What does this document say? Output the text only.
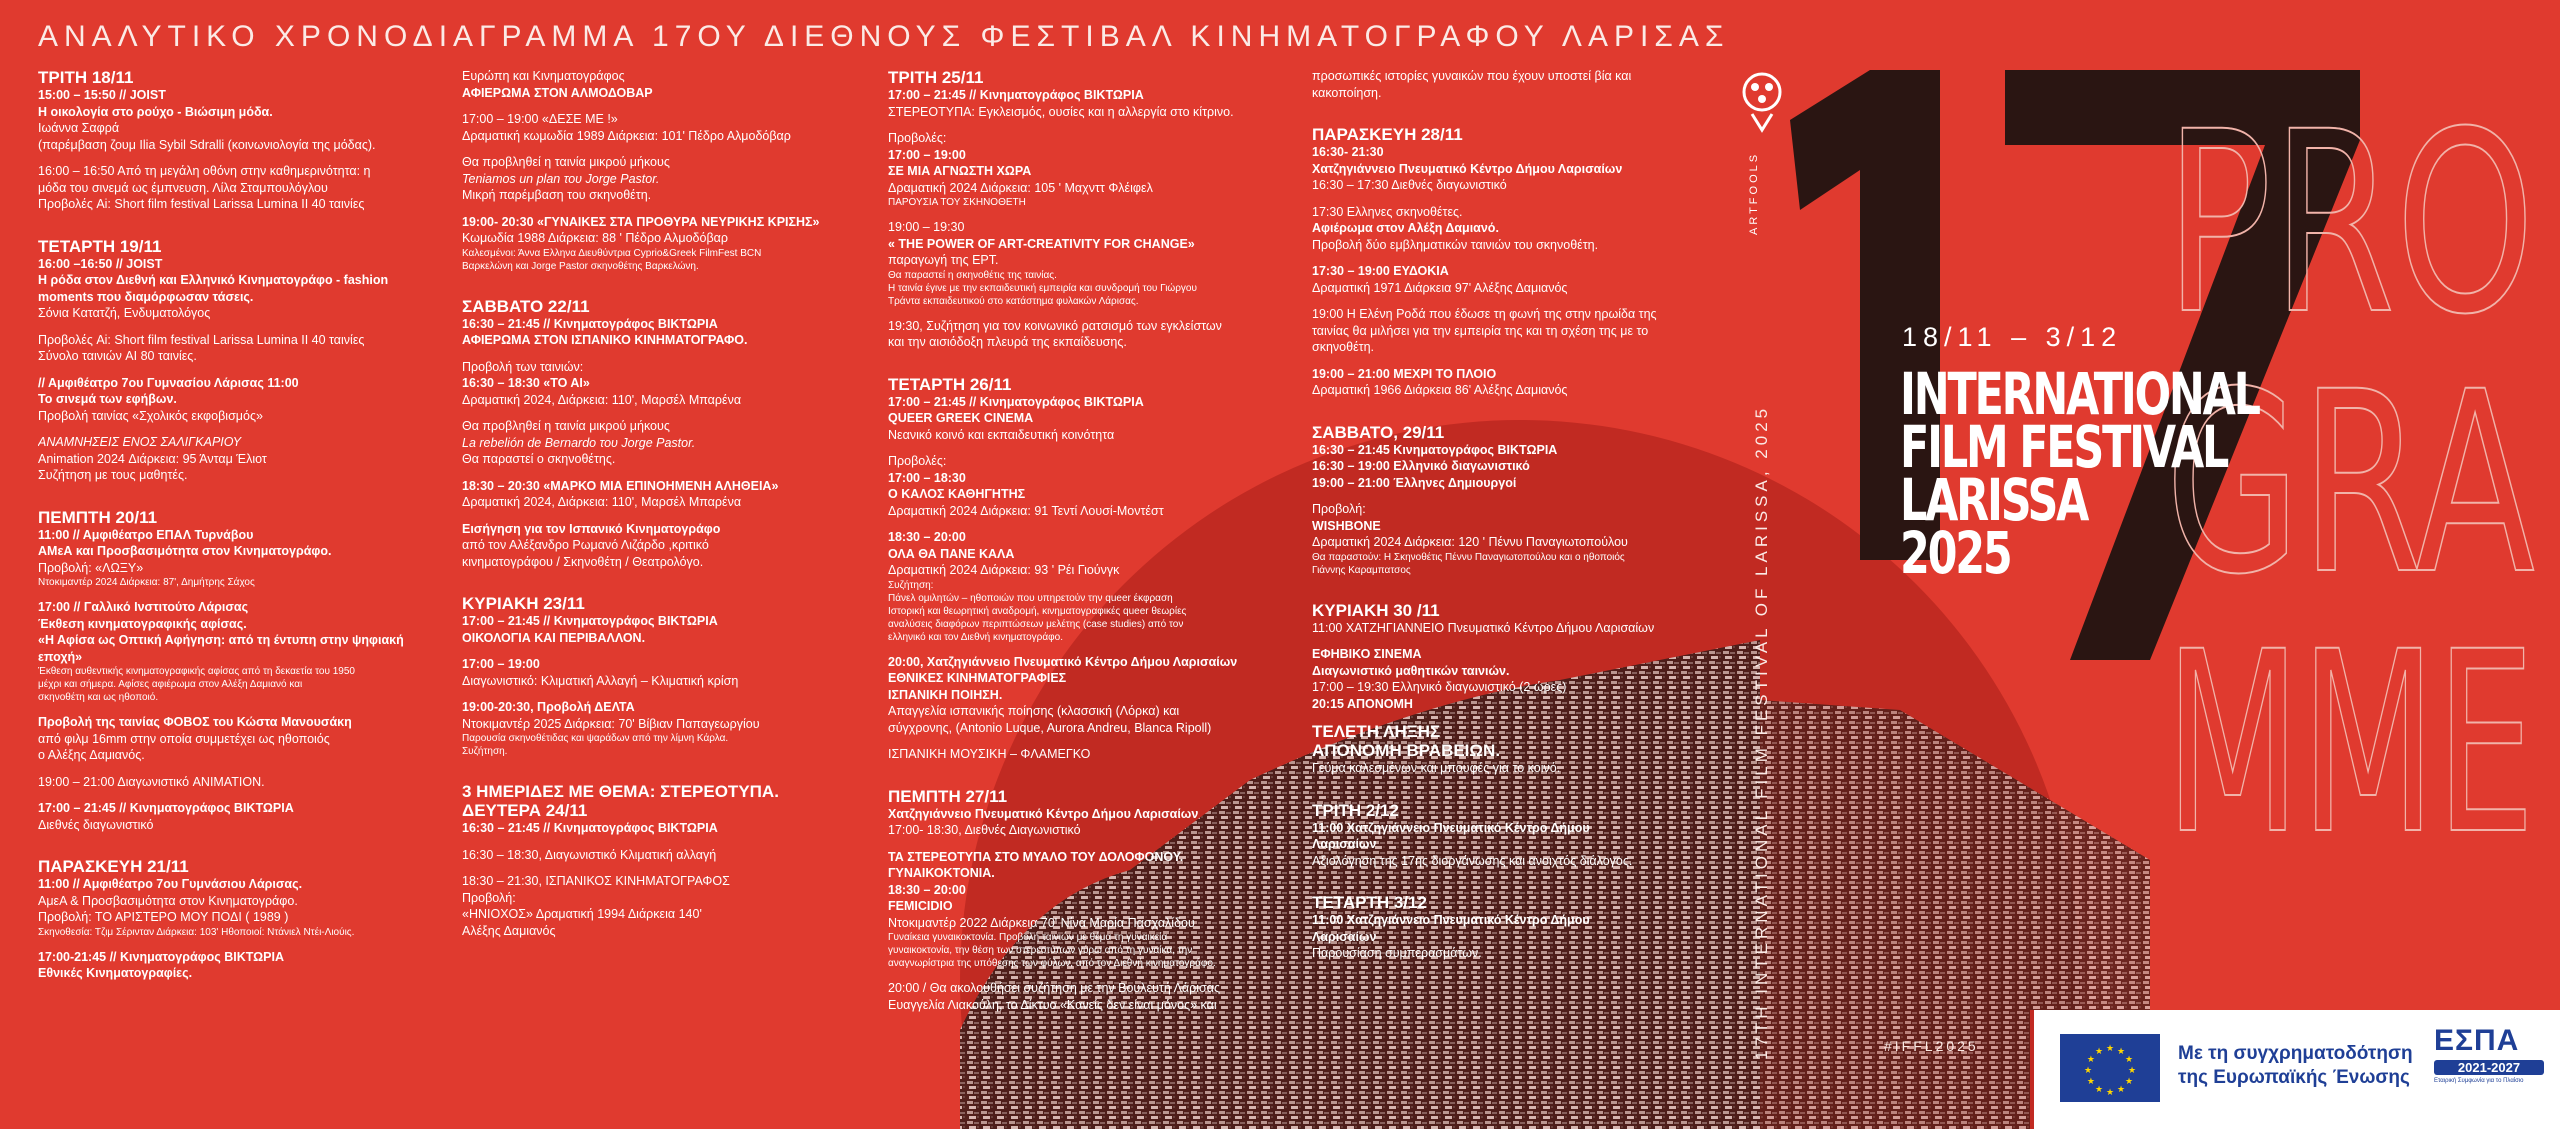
PRO
GRA
MME
ΑΝΑΛΥΤΙΚΟ ΧΡΟΝΟΔΙΑΓΡΑΜΜΑ 17ΟΥ ΔΙΕΘΝΟΥΣ ΦΕΣΤΙΒΑΛ ΚΙΝΗΜΑΤΟΓΡΑΦΟΥ ΛΑΡΙΣΑΣ
ΤΡΙΤΗ 18/11
15:00 – 15:50 // JOIST
Η οικολογία στο ρούχο - Βιώσιμη μόδα.
Ιωάννα Σαφρά
(παρέμβαση ζουμ Ilia Sybil Sdralli (κοινωνιολογία της μόδας).
16:00 – 16:50 Από τη μεγάλη οθόνη στην καθημερινότητα: η
μόδα του σινεμά ως έμπνευση. Λίλα Σταμπουλόγλου
Προβολές Ai: Short film festival Larissa Lumina II 40 ταινίες
ΤΕΤΑΡΤΗ 19/11
16:00 –16:50 // JOIST
Η ρόδα στον Διεθνή και Ελληνικό Κινηματογράφο - fashion
moments που διαμόρφωσαν τάσεις.
Σόνια Κατατζή, Ενδυματολόγος
Προβολές Ai: Short film festival Larissa Lumina II 40 ταινίες
Σύνολο ταινιών AI 80 ταινίες.
// Αμφιθέατρο 7ου Γυμνασίου Λάρισας 11:00
Το σινεμά των εφήβων.
Προβολή ταινίας «Σχολικός εκφοβισμός»
ΑΝΑΜΝΗΣΕΙΣ ΕΝΟΣ ΣΑΛΙΓΚΑΡΙΟΥ
Animation 2024 Διάρκεια: 95 Άνταμ Έλιοτ
Συζήτηση με τους μαθητές.
ΠΕΜΠΤΗ 20/11
11:00 // Αμφιθέατρο ΕΠΑΛ Τυρνάβου
ΑΜεΑ και Προσβασιμότητα στον Κινηματογράφο.
Προβολή: «ΛΩΞΥ»
Ντοκιμαντέρ 2024 Διάρκεια: 87', Δημήτρης Σάχος
17:00 // Γαλλικό Ινστιτούτο Λάρισας
Έκθεση κινηματογραφικής αφίσας.
«Η Αφίσα ως Οπτική Αφήγηση: από τη έντυπη στην ψηφιακή
εποχή»
Έκθεση αυθεντικής κινηματογραφικής αφίσας από τη δεκαετία του 1950
μέχρι και σήμερα. Αφίσες αφιέρωμα στον Αλέξη Δαμιανό και
σκηνοθέτη και ως ηθοποιό.
Προβολή της ταινίας ΦΟΒΟΣ του Κώστα Μανουσάκη
από φιλμ 16mm στην οποία συμμετέχει ως ηθοποιός
ο Αλέξης Δαμιανός.
19:00 – 21:00 Διαγωνιστικό ANIMATION.
17:00 – 21:45 // Κινηματογράφος ΒΙΚΤΩΡΙΑ
Διεθνές διαγωνιστικό
ΠΑΡΑΣΚΕΥΗ 21/11
11:00 // Αμφιθέατρο 7ου Γυμνάσιου Λάρισας.
ΑμεΑ & Προσβασιμότητα στον Κινηματογράφο.
Προβολή: ΤΟ ΑΡΙΣΤΕΡΟ ΜΟΥ ΠΟΔΙ ( 1989 )
Σκηνοθεσία: Τζιμ Σέρινταν Διάρκεια: 103' Ηθοποιοί: Ντάνιελ Ντέι-Λιούις.
17:00-21:45 // Κινηματογράφος ΒΙΚΤΩΡΙΑ
Εθνικές Κινηματογραφίες.
Ευρώπη και Κινηματογράφος
ΑΦΙΕΡΩΜΑ ΣΤΟΝ ΑΛΜΟΔΟΒΑΡ
17:00 – 19:00 «ΔΕΣΕ ΜΕ !»
Δραματική κωμωδία 1989 Διάρκεια: 101' Πέδρο Αλμοδόβαρ
Θα προβληθεί η ταινία μικρού μήκους
Teniamos un plan του Jorge Pastor.
Μικρή παρέμβαση του σκηνοθέτη.
19:00- 20:30 «ΓΥΝΑΙΚΕΣ ΣΤΑ ΠΡΟΘΥΡΑ ΝΕΥΡΙΚΗΣ ΚΡΙΣΗΣ»
Κωμωδία 1988 Διάρκεια: 88 ' Πέδρο Αλμοδόβαρ
Καλεσμένοι: Άννα Ελληνα Διευθύντρια Cyprio&Greek FilmFest BCN
Βαρκελώνη και Jorge Pastor σκηνοθέτης Βαρκελώνη.
ΣΑΒΒΑΤΟ 22/11
16:30 – 21:45 // Κινηματογράφος ΒΙΚΤΩΡΙΑ
ΑΦΙΕΡΩΜΑ ΣΤΟΝ ΙΣΠΑΝΙΚΟ ΚΙΝΗΜΑΤΟΓΡΑΦΟ.
Προβολή των ταινιών:
16:30 – 18:30 «ΤΟ ΑΙ»
Δραματική 2024, Διάρκεια: 110', Μαρσέλ Μπαρένα
Θα προβληθεί η ταινία μικρού μήκους
La rebelión de Bernardo του Jorge Pastor.
Θα παραστεί ο σκηνοθέτης.
18:30 – 20:30 «ΜΑΡΚΟ ΜΙΑ ΕΠΙΝΟΗΜΕΝΗ ΑΛΗΘΕΙΑ»
Δραματική 2024, Διάρκεια: 110', Μαρσέλ Μπαρένα
Εισήγηση για τον Ισπανικό Κινηματογράφο
από τον Αλέξανδρο Ρωμανό Λιζάρδο ,κριτικό
κινηματογράφου / Σκηνοθέτη / Θεατρολόγο.
ΚΥΡΙΑΚΗ 23/11
17:00 – 21:45 // Κινηματογράφος ΒΙΚΤΩΡΙΑ
ΟΙΚΟΛΟΓΙΑ ΚΑΙ ΠΕΡΙΒΑΛΛΟΝ.
17:00 – 19:00
Διαγωνιστικό: Κλιματική Αλλαγή – Κλιματική κρίση
19:00-20:30, Προβολή ΔΕΛΤΑ
Ντοκιμαντέρ 2025 Διάρκεια: 70' Βίβιαν Παπαγεωργίου
Παρουσία σκηνοθέτιδας και ψαράδων από την λίμνη Κάρλα.
Συζήτηση.
3 ΗΜΕΡΙΔΕΣ ΜΕ ΘΕΜΑ: ΣΤΕΡΕΟΤΥΠΑ.
ΔΕΥΤΕΡΑ 24/11
16:30 – 21:45 // Κινηματογράφος ΒΙΚΤΩΡΙΑ
16:30 – 18:30, Διαγωνιστικό Κλιματική αλλαγή
18:30 – 21:30, ΙΣΠΑΝΙΚΟΣ ΚΙΝΗΜΑΤΟΓΡΑΦΟΣ
Προβολή:
«ΗΝΙΟΧΟΣ» Δραματική 1994 Διάρκεια 140'
Αλέξης Δαμιανός
ΤΡΙΤΗ 25/11
17:00 – 21:45 // Κινηματογράφος ΒΙΚΤΩΡΙΑ
ΣΤΕΡΕΟΤΥΠΑ: Εγκλεισμός, ουσίες και η αλλεργία στο κίτρινο.
Προβολές:
17:00 – 19:00
ΣΕ ΜΙΑ ΑΓΝΩΣΤΗ ΧΩΡΑ
Δραματική 2024 Διάρκεια: 105 ' Μαχνττ Φλέιφελ
ΠΑΡΟΥΣΙΑ ΤΟΥ ΣΚΗΝΟΘΕΤΗ
19:00 – 19:30
« THE POWER OF ART-CREATIVITY FOR CHANGE»
παραγωγή της ΕΡΤ.
Θα παραστεί η σκηνοθέτις της ταινίας.
Η ταινία έγινε με την εκπαιδευτική εμπειρία και συνδρομή του Γιώργου
Τράντα εκπαιδευτικού στο κατάστημα φυλακών Λάρισας.
19:30, Συζήτηση για τον κοινωνικό ρατσισμό των εγκλείστων
και την αισιόδοξη πλευρά της εκπαίδευσης.
ΤΕΤΑΡΤΗ 26/11
17:00 – 21:45 // Κινηματογράφος ΒΙΚΤΩΡΙΑ
QUEER GREEK CINEMA
Νεανικό κοινό και εκπαιδευτική κοινότητα
Προβολές:
17:00 – 18:30
Ο ΚΑΛΟΣ ΚΑΘΗΓΗΤΗΣ
Δραματική 2024 Διάρκεια: 91 Τεντί Λουσί-Μοντέστ
18:30 – 20:00
ΟΛΑ ΘΑ ΠΑΝΕ ΚΑΛΑ
Δραματική 2024 Διάρκεια: 93 ' Ρέι Γιούνγκ
Συζήτηση:
Πάνελ ομιλητών – ηθοποιών που υπηρετούν την queer έκφραση
Ιστορική και θεωρητική αναδρομή, κινηματογραφικές queer θεωρίες
αναλύσεις διαφόρων περιπτώσεων μελέτης (case studies) από τον
ελληνικό και τον Διεθνή κινηματογράφο.
20:00, Χατζηγιάννειο Πνευματικό Κέντρο Δήμου Λαρισαίων
ΕΘΝΙΚΕΣ ΚΙΝΗΜΑΤΟΓΡΑΦΙΕΣ
ΙΣΠΑΝΙΚΗ ΠΟΙΗΣΗ.
Απαγγελία ισπανικής ποίησης (κλασσική (Λόρκα) και
σύγχρονης, (Antonio Luque, Aurora Andreu, Blanca Ripoll)
ΙΣΠΑΝΙΚΗ ΜΟΥΣΙΚΗ – ΦΛΑΜΕΓΚΟ
ΠΕΜΠΤΗ 27/11
Χατζηγιάννειο Πνευματικό Κέντρο Δήμου Λαρισαίων
17:00- 18:30, Διεθνές Διαγωνιστικό
ΤΑ ΣΤΕΡΕΟΤΥΠΑ ΣΤΟ ΜΥΑΛΟ ΤΟΥ ΔΟΛΟΦΟΝΟΥ.
ΓΥΝΑΙΚΟΚΤΟΝΙΑ.
18:30 – 20:00
FEMICIDIO
Ντοκιμαντέρ 2022 Διάρκεια 70' Νίνα Μαρία Πασχαλίδου
Γυναίκεια γυναικοκτονία. Προβολή ταινιών με θέμα τη γυναικεία
γυναικοκτονία, την θέση των στερεοτύπων γύρω από τη γυναίκα, την
αναγνωρίστρια της υπόθεσης των φύλων, από τον Διεθνή κινηματογράφο.
20:00 / Θα ακολουθήσει συζήτηση με την Βουλευτή Λάρισας
Ευαγγελία Λιακούλη, το Δίκτυο «Κανείς δεν είναι μόνος» και
προσωπικές ιστορίες γυναικών που έχουν υποστεί βία και
κακοποίηση.
ΠΑΡΑΣΚΕΥΗ 28/11
16:30- 21:30
Χατζηγιάννειο Πνευματικό Κέντρο Δήμου Λαρισαίων
16:30 – 17:30 Διεθνές διαγωνιστικό
17:30 Ελληνες σκηνοθέτες.
Αφιέρωμα στον Αλέξη Δαμιανό.
Προβολή δύο εμβληματικών ταινιών του σκηνοθέτη.
17:30 – 19:00 ΕΥΔΟΚΙΑ
Δραματική 1971 Διάρκεια 97' Αλέξης Δαμιανός
19:00 Η Ελένη Ροδά που έδωσε τη φωνή της στην ηρωίδα της
ταινίας θα μιλήσει για την εμπειρία της και τη σχέση της με το
σκηνοθέτη.
19:00 – 21:00 ΜΕΧΡΙ ΤΟ ΠΛΟΙΟ
Δραματική 1966 Διάρκεια 86' Αλέξης Δαμιανός
ΣΑΒΒΑΤΟ, 29/11
16:30 – 21:45 Κινηματογράφος ΒΙΚΤΩΡΙΑ
16:30 – 19:00 Ελληνικό διαγωνιστικό
19:00 – 21:00 Έλληνες Δημιουργοί
Προβολή:
WISHBONE
Δραματική 2024 Διάρκεια: 120 ' Πέννυ Παναγιωτοπούλου
Θα παραστούν: Η Σκηνοθέτις Πέννυ Παναγιωτοπούλου και ο ηθοποιός
Γιάννης Καραμπατσος
ΚΥΡΙΑΚΗ 30 /11
11:00 ΧΑΤΖΗΓΙΑΝΝΕΙΟ Πνευματικό Κέντρο Δήμου Λαρισαίων
ΕΦΗΒΙΚΟ ΣΙΝΕΜΑ
Διαγωνιστικό μαθητικών ταινιών.
17:00 – 19:30 Ελληνικό διαγωνιστικό (2 ώρες)
20:15 ΑΠΟΝΟΜΗ
ΤΕΛΕΤΗ ΛΗΞΗΣ
ΑΠΟΝΟΜΗ ΒΡΑΒΕΙΩΝ.
Γεύμα καλεσμένων και μπουφές για το κοινό.
ΤΡΙΤΗ 2/12
11:00 Χατζηγιάννειο Πνευματικό Κέντρο Δήμου
Λαρισαίων
Αξιολόγηση της 17ης διοργάνωσης και ανοιχτός διάλογος.
ΤΕΤΑΡΤΗ 3/12
11:00 Χατζηγιάννειο Πνευματικό Κέντρο Δήμου
Λαρισαίων
Παρουσίαση συμπερασμάτων.	17TH INTERNATIONAL FILM FESTIVAL OF LARISSA, 2025
ARTFOOLS
18/11 – 3/12
INTERNATIONAL
FILM FESTIVAL
LARISSA
2025
#IFFL2025
★
★
★
★
★
★
★
★
★ ★ ★
★ Με τη συγχρηματοδότηση
της Ευρωπαϊκής Ένωσης
ΕΣΠΑ
2021-2027
Εταιρική Συμφωνία για το Πλαίσιο
